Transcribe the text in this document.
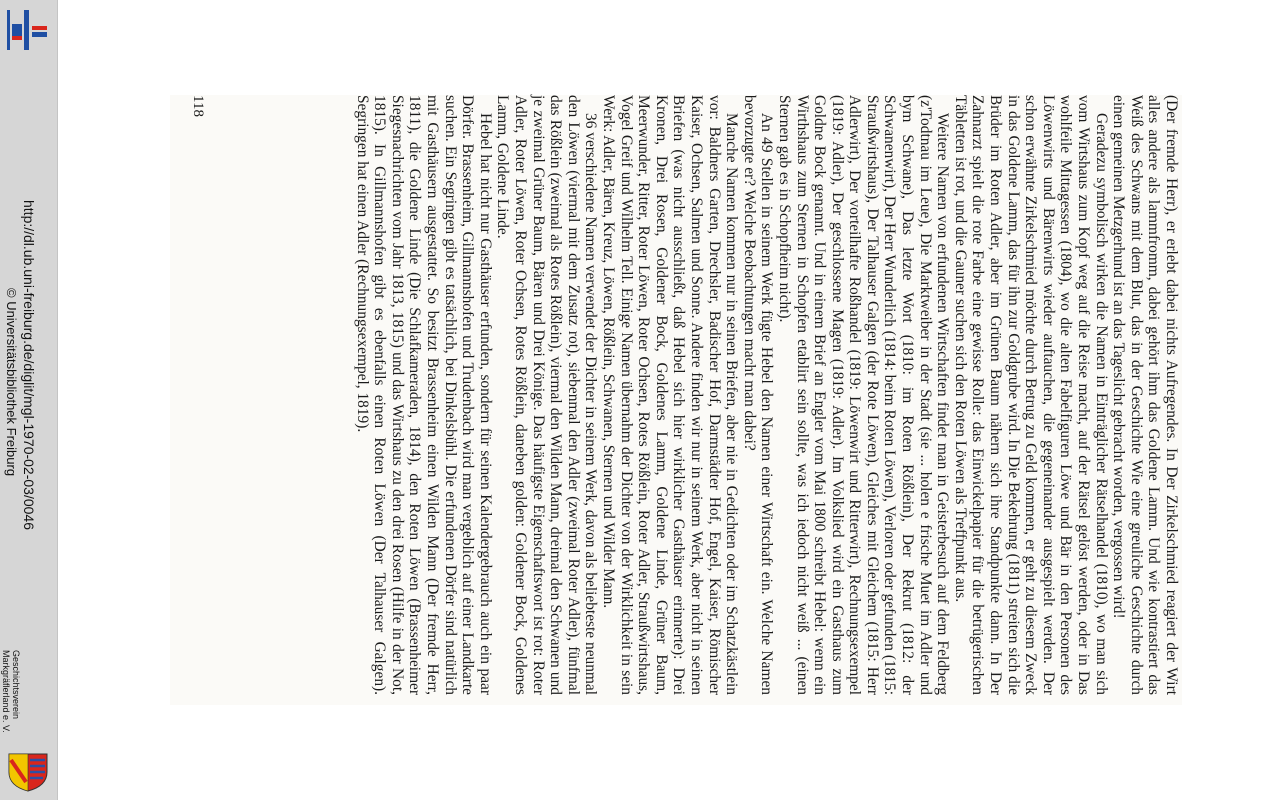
http://dl.ub.uni-freiburg.de/diglit/mgl-1970-02-03/0046
© Universitätsbibliothek Freiburg
Geschichtsverein
Markgräflerland e. V.	(Der fremde Herr), er erlebt dabei nichts Aufregendes. In Der Zirkelschmied reagiert der Wirt alles andere als lammfromm, dabei gehört ihm das Goldene Lamm. Und wie kontrastiert das Weiß des Schwans mit dem Blut, das in der Geschichte Wie eine greuliche Geschichte durch einen gemeinen Metzgerhund ist an das Tageslicht gebracht worden, vergossen wird!

Geradezu symbolisch wirken die Namen in Einträglicher Rätselhandel (1810), wo man sich vom Wirtshaus zum Kopf weg auf die Reise macht, auf der Rätsel gelöst werden, oder in Das wohlfeile Mittagessen (1804), wo die alten Fabelfiguren Löwe und Bär in den Personen des Löwenwirts und Bärenwirts wieder auftauchen, die gegeneinander ausgespielt werden. Der schon erwähnte Zirkelschmied möchte durch Betrug zu Geld kommen, er geht zu diesem Zweck in das Goldene Lamm, das für ihn zur Goldgrube wird. In Die Bekehrung (1811) streiten sich die Brüder im Roten Adler, aber im Grünen Baum nähern sich ihre Standpunkte dann. In Der Zahnarzt spielt die rote Farbe eine gewisse Rolle: das Einwickelpapier für die betrügerischen Täbletten ist rot, und die Gauner suchen sich den Roten Löwen als Treffpunkt aus.

Weitere Namen von erfundenen Wirtschaften findet man in Geisterbesuch auf dem Feldberg (z'Todtnau im Leue), Die Marktweiber in der Stadt (sie ... holen e frische Muet im Adler und bym Schwane), Das letzte Wort (1810: im Roten Rößlein), Der Rekrut (1812: der Schwanenwirt), Der Herr Wunderlich (1814: beim Roten Löwen), Verloren oder gefunden (1815: Straußwirtshaus), Der Talhauser Galgen (der Rote Löwen), Gleiches mit Gleichem (1815: Herr Adlerwirt), Der vorteilhafte Roßhandel (1819: Löwenwirt und Ritterwirt), Rechnungsexempel (1819: Adler), Der geschlossene Magen (1819: Adler). Im Volkslied wird ein Gasthaus zum Goldne Bock genannt. Und in einem Brief an Engler vom Mai 1800 schreibt Hebel: wenn ein Wirthshaus zum Sternen in Schopfen etablirt sein sollte, was ich iedoch nicht weiß ... (einen Sternen gab es in Schopfheim nicht).

An 49 Stellen in seinem Werk fügte Hebel den Namen einer Wirtschaft ein. Welche Namen bevorzugte er? Welche Beobachtungen macht man dabei?

Manche Namen kommen nur in seinen Briefen, aber nie in Gedichten oder im Schatzkästlein vor: Baldners Garten, Drechsler, Badischer Hof, Darmstädter Hof, Engel, Kaiser, Römischer Kaiser, Ochsen, Salmen und Sonne. Andere finden wir nur in seinem Werk, aber nicht in seinen Briefen (was nicht ausschließt, daß Hebel sich hier wirklicher Gasthäuser erinnerte): Drei Kronen, Drei Rosen, Goldener Bock, Goldenes Lamm, Goldene Linde, Grüner Baum, Meerwunder, Ritter, Roter Löwen, Roter Ochsen, Rotes Rößlein, Roter Adler, Straußwirtshaus, Vogel Greif und Wilhelm Tell. Einige Namen übernahm der Dichter von der Wirklichkeit in sein Werk: Adler, Bären, Kreuz, Löwen, Rößlein, Schwanen, Sternen und Wilder Mann.

36 verschiedene Namen verwendet der Dichter in seinem Werk, davon als beliebteste neunmal den Löwen (viermal mit dem Zusatz rot), siebenmal den Adler (zweimal Roter Adler), fünfmal das Rößlein (zweimal als Rotes Rößlein), viermal den Wilden Mann, dreimal den Schwanen und je zweimal Grüner Baum, Bären und Drei Könige. Das häufigste Eigenschaftswort ist rot: Roter Adler, Roter Löwen, Roter Ochsen, Rotes Rößlein, daneben golden: Goldener Bock, Goldenes Lamm, Goldene Linde.

Hebel hat nicht nur Gasthäuser erfunden, sondern für seinen Kalendergebrauch auch ein paar Dörfer. Brassenheim, Gillmannshofen und Trudenbach wird man vergeblich auf einer Landkarte suchen. Ein Segringen gibt es tatsächlich, bei Dinkelsbühl. Die erfundenen Dörfer sind natürlich mit Gasthäusern ausgestattet. So besitzt Brassenheim einen Wilden Mann (Der fremde Herr, 1811), die Goldene Linde (Die Schlafkameraden, 1814), den Roten Löwen (Brassenheimer Siegesnachrichten vom Jahr 1813, 1815) und das Wirtshaus zu den drei Rosen (Hilfe in der Not, 1815). In Gillmannshofen gibt es ebenfalls einen Roten Löwen (Der Talhauser Galgen). Segringen hat einen Adler (Rechnungsexempel, 1819).

118
